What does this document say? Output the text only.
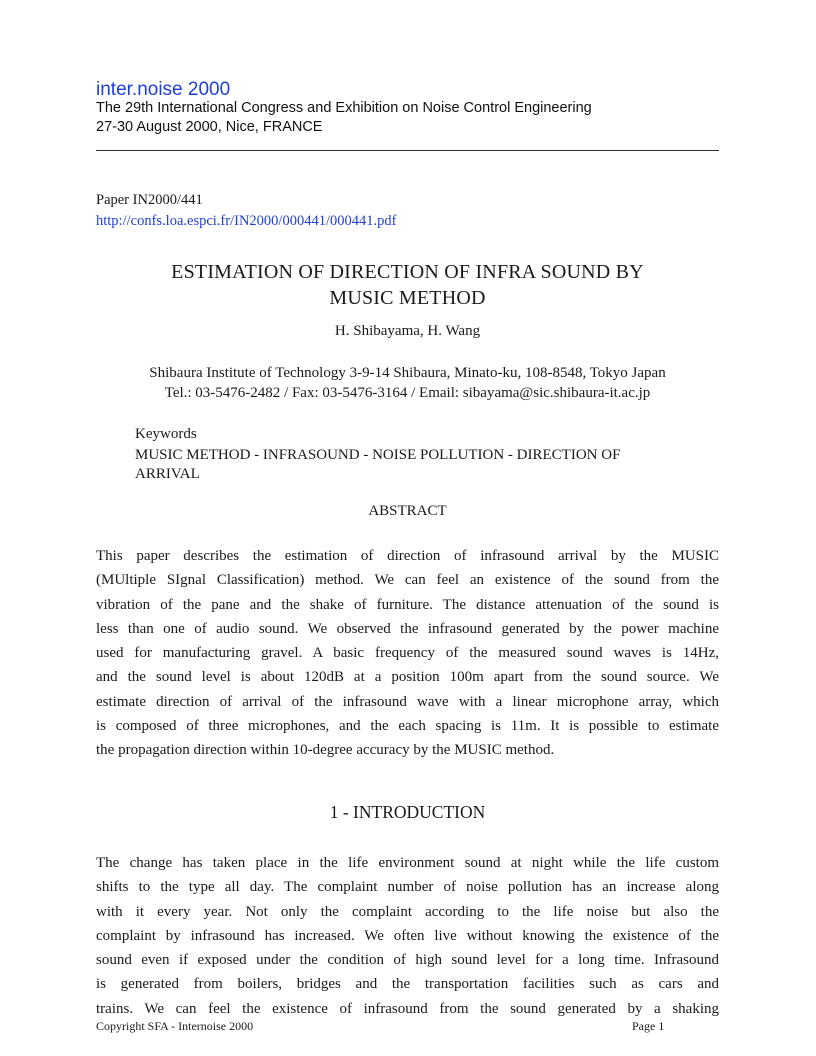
inter.noise 2000
The 29th International Congress and Exhibition on Noise Control Engineering
27-30 August 2000, Nice, FRANCE
Paper IN2000/441
http://confs.loa.espci.fr/IN2000/000441/000441.pdf
ESTIMATION OF DIRECTION OF INFRA SOUND BY
MUSIC METHOD
H. Shibayama, H. Wang
Shibaura Institute of Technology 3-9-14 Shibaura, Minato-ku, 108-8548, Tokyo Japan
Tel.: 03-5476-2482 / Fax: 03-5476-3164 / Email: sibayama@sic.shibaura-it.ac.jp
Keywords
MUSIC METHOD - INFRASOUND - NOISE POLLUTION - DIRECTION OF
ARRIVAL
ABSTRACT
This paper describes the estimation of direction of infrasound arrival by the MUSIC
(MUltiple SIgnal Classification) method. We can feel an existence of the sound from the
vibration of the pane and the shake of furniture. The distance attenuation of the sound is
less than one of audio sound. We observed the infrasound generated by the power machine
used for manufacturing gravel. A basic frequency of the measured sound waves is 14Hz,
and the sound level is about 120dB at a position 100m apart from the sound source. We
estimate direction of arrival of the infrasound wave with a linear microphone array, which
is composed of three microphones, and the each spacing is 11m. It is possible to estimate
the propagation direction within 10-degree accuracy by the MUSIC method.
1 - INTRODUCTION
The change has taken place in the life environment sound at night while the life custom
shifts to the type all day. The complaint number of noise pollution has an increase along
with it every year. Not only the complaint according to the life noise but also the
complaint by infrasound has increased. We often live without knowing the existence of the
sound even if exposed under the condition of high sound level for a long time. Infrasound
is generated from boilers, bridges and the transportation facilities such as cars and
trains. We can feel the existence of infrasound from the sound generated by a shaking
Copyright SFA - Internoise 2000	Page 1
